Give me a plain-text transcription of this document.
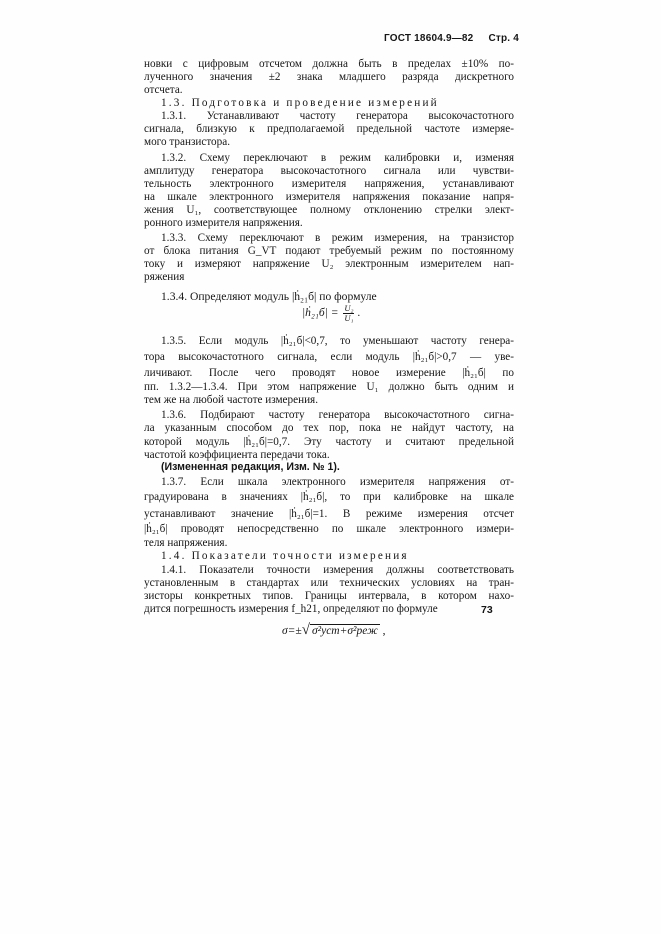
ГОСТ 18604.9—82 Стр. 4
новки с цифровым отсчетом должна быть в пределах ±10% по-
лученного значения ±2 знака младшего разряда дискретного
отсчета.
1.3. Подготовка и проведение измерений
1.3.1. Устанавливают частоту генератора высокочастотного
сигнала, близкую к предполагаемой предельной частоте измеряе-
мого транзистора.
1.3.2. Схему переключают в режим калибровки и, изменяя
амплитуду генератора высокочастотного сигнала или чувстви-
тельность электронного измерителя напряжения, устанавливают
на шкале электронного измерителя напряжения показание напря-
жения U₁, соответствующее полному отклонению стрелки элект-
ронного измерителя напряжения.
1.3.3. Схему переключают в режим измерения, на транзистор
от блока питания G_VT подают требуемый режим по постоянному
току и измеряют напряжение U₂ электронным измерителем нап-
ряжения
1.3.4. Определяют модуль |ḣ₂₁б| по формуле
|ḣ₂₁б| = $\frac{\text{U₂}}{\text{U₁}}$ .
1.3.5. Если модуль |ḣ₂₁б|<0,7, то уменьшают частоту генера-
тора высокочастотного сигнала, если модуль |ḣ₂₁б|>0,7 — уве-
личивают. После чего проводят новое измерение |ḣ₂₁б| по
пп. 1.3.2—1.3.4. При этом напряжение U₁ должно быть одним и
тем же на любой частоте измерения.
1.3.6. Подбирают частоту генератора высокочастотного сигна-
ла указанным способом до тех пор, пока не найдут частоту, на
которой модуль |ḣ₂₁б|=0,7. Эту частоту и считают предельной
частотой коэффициента передачи тока.
(Измененная редакция, Изм. № 1).
1.3.7. Если шкала электронного измерителя напряжения от-
градуирована в значениях |ḣ₂₁б|, то при калибровке на шкале
устанавливают значение |ḣ₂₁б|=1. В режиме измерения отсчет
|ḣ₂₁б| проводят непосредственно по шкале электронного измери-
теля напряжения.
1.4. Показатели точности измерения
1.4.1. Показатели точности измерения должны соответствовать
установленным в стандартах или технических условиях на тран-
зисторы конкретных типов. Границы интервала, в котором нахо-
дится погрешность измерения f_h21, определяют по формуле	73
σ=±√ σ²уст+σ²реж ,
